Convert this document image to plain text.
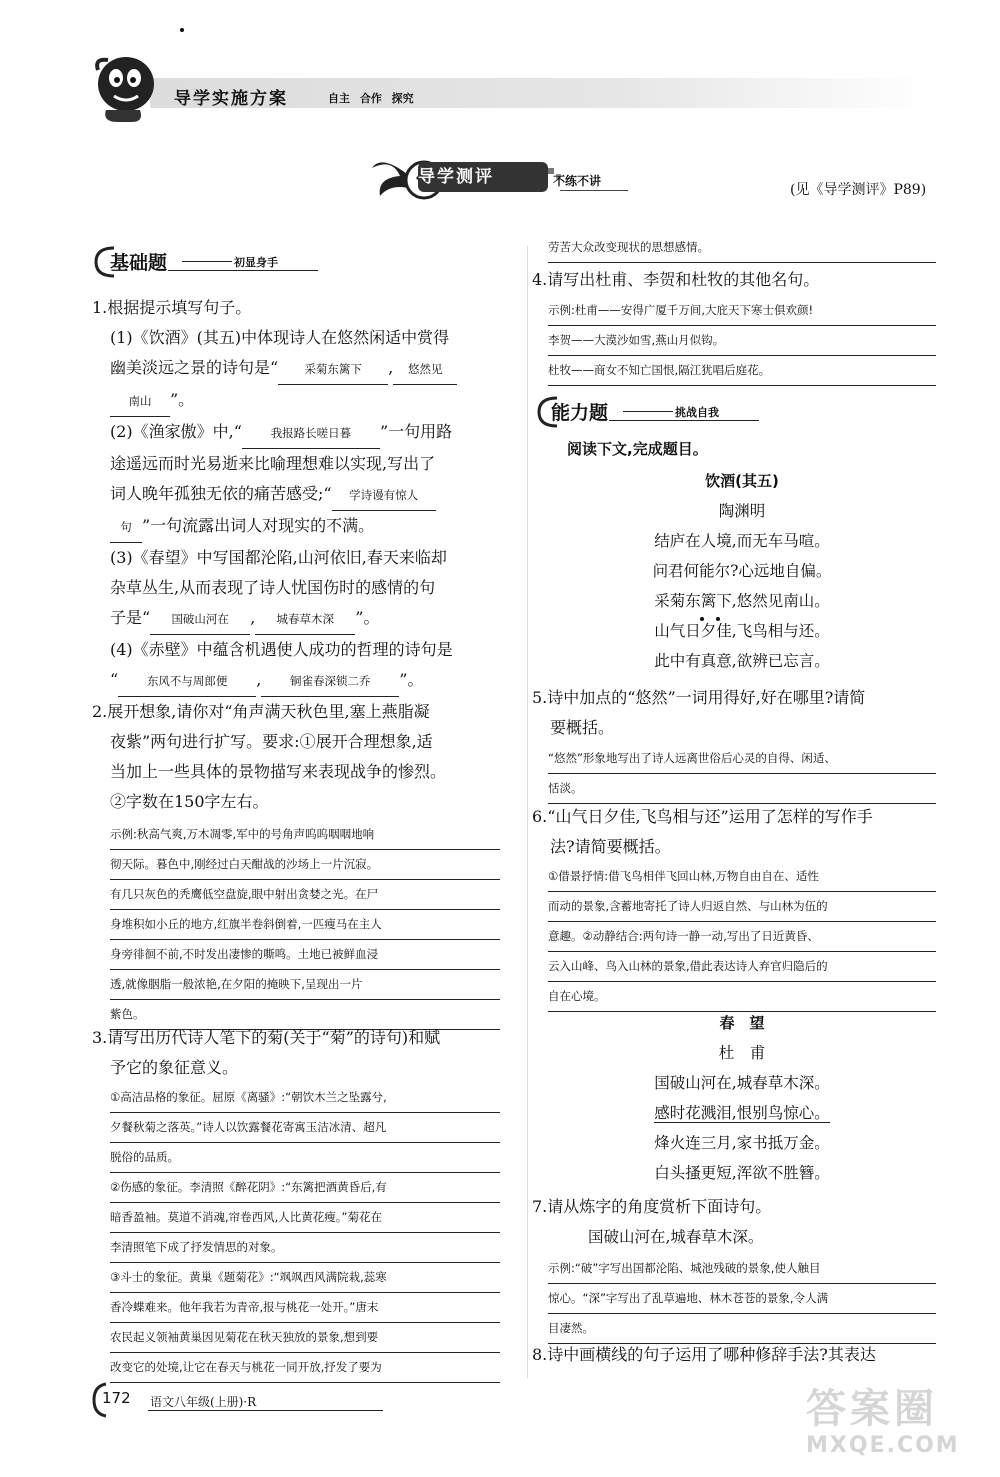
导学实施方案	自主 合作 探究
导学测评	不练不讲
(见《导学测评》P89)
基础题	初显身手
1.根据提示填写句子。
(1)《饮酒》(其五)中体现诗人在悠然闲适中赏得
幽美淡远之景的诗句是“ 采菊东篱下 , 悠然见
南山 ”。
(2)《渔家傲》中,“	我报路长嗟日暮 ”一句用路
途遥远而时光易逝来比喻理想难以实现,写出了
词人晚年孤独无依的痛苦感受;“ 学诗谩有惊人
句 ”一句流露出词人对现实的不满。
(3)《春望》中写国都沦陷,山河依旧,春天来临却
杂草丛生,从而表现了诗人忧国伤时的感情的句
子是“ 国破山河在 , 城春草木深 ”。
(4)《赤壁》中蕴含机遇使人成功的哲理的诗句是
“	东风不与周郎便 ,	铜雀春深锁二乔 ”。
2.展开想象,请你对“角声满天秋色里,塞上燕脂凝
夜紫”两句进行扩写。要求:①展开合理想象,适
当加上一些具体的景物描写来表现战争的惨烈。
②字数在150字左右。
示例:秋高气爽,万木凋零,军中的号角声呜呜咽咽地响
彻天际。暮色中,刚经过白天酣战的沙场上一片沉寂。
有几只灰色的秃鹰低空盘旋,眼中射出贪婪之光。在尸
身堆积如小丘的地方,红旗半卷斜倒着,一匹瘦马在主人
身旁徘徊不前,不时发出凄惨的嘶鸣。土地已被鲜血浸
透,就像胭脂一般浓艳,在夕阳的掩映下,呈现出一片
紫色。
3.请写出历代诗人笔下的菊(关于“菊”的诗句)和赋
予它的象征意义。
①高洁品格的象征。屈原《离骚》:“朝饮木兰之坠露兮,
夕餐秋菊之落英。”诗人以饮露餐花寄寓玉洁冰清、超凡
脱俗的品质。
②伤感的象征。李清照《醉花阴》:“东篱把酒黄昏后,有
暗香盈袖。莫道不消魂,帘卷西风,人比黄花瘦。”菊花在
李清照笔下成了抒发情思的对象。
③斗士的象征。黄巢《题菊花》:“飒飒西风满院栽,蕊寒
香冷蝶难来。他年我若为青帝,报与桃花一处开。”唐末
农民起义领袖黄巢因见菊花在秋天独放的景象,想到要
改变它的处境,让它在春天与桃花一同开放,抒发了要为
劳苦大众改变现状的思想感情。
4.请写出杜甫、李贺和杜牧的其他名句。
示例:杜甫——安得广厦千万间,大庇天下寒士俱欢颜!
李贺——大漠沙如雪,燕山月似钩。
杜牧——商女不知亡国恨,隔江犹唱后庭花。
能力题	挑战自我
阅读下文,完成题目。
饮酒(其五)
陶渊明
结庐在人境,而无车马喧。
问君何能尔?心远地自偏。
采菊东篱下,悠然见南山。
山气日夕佳,飞鸟相与还。
此中有真意,欲辨已忘言。
5.诗中加点的“悠然”一词用得好,好在哪里?请简
要概括。
“悠然”形象地写出了诗人远离世俗后心灵的自得、闲适、
恬淡。
6.“山气日夕佳,飞鸟相与还”运用了怎样的写作手
法?请简要概括。
①借景抒情:借飞鸟相伴飞回山林,万物自由自在、适性
而动的景象,含蓄地寄托了诗人归返自然、与山林为伍的
意趣。②动静结合:两句诗一静一动,写出了日近黄昏、
云入山峰、鸟入山林的景象,借此表达诗人弃官归隐后的
自在心境。
春　望
杜　甫
国破山河在,城春草木深。
感时花溅泪,恨别鸟惊心。
烽火连三月,家书抵万金。
白头搔更短,浑欲不胜簪。
7.请从炼字的角度赏析下面诗句。
国破山河在,城春草木深。
示例:“破”字写出国都沦陷、城池残破的景象,使人触目
惊心。“深”字写出了乱草遍地、林木苍苍的景象,令人满
目凄然。
8.诗中画横线的句子运用了哪种修辞手法?其表达
172 语文八年级(上册)·R	答案圈
MXQE.COM
